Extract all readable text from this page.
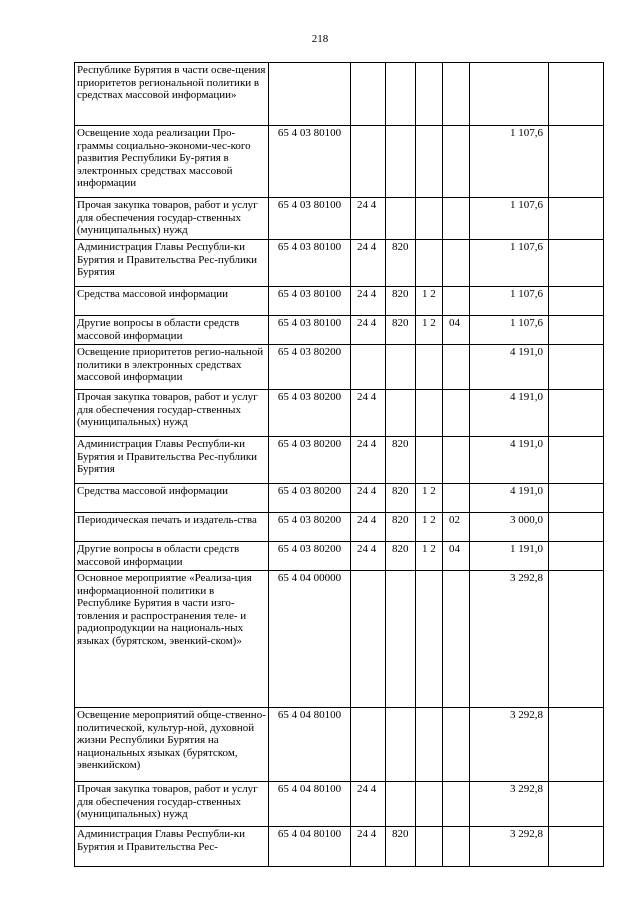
218
Республике Бурятия в части осве-щения приоритетов региональной политики в средствах массовой информации»							
Освещение хода реализации Про-граммы социально-экономи-чес-кого развития Республики Бу-рятия в электронных средствах массовой информации	65 4 03 80100					1 107,6	
Прочая закупка товаров, работ и услуг для обеспечения государ-ственных (муниципальных) нужд	65 4 03 80100	24 4				1 107,6	
Администрация Главы Республи-ки Бурятия и Правительства Рес-публики Бурятия	65 4 03 80100	24 4	820			1 107,6	
Средства массовой информации	65 4 03 80100	24 4	820	1 2		1 107,6	
Другие вопросы в области средств массовой информации	65 4 03 80100	24 4	820	1 2	04	1 107,6	
Освещение приоритетов регио-нальной политики в электронных средствах массовой информации	65 4 03 80200					4 191,0	
Прочая закупка товаров, работ и услуг для обеспечения государ-ственных (муниципальных) нужд	65 4 03 80200	24 4				4 191,0	
Администрация Главы Республи-ки Бурятия и Правительства Рес-публики Бурятия	65 4 03 80200	24 4	820			4 191,0	
Средства массовой информации	65 4 03 80200	24 4	820	1 2		4 191,0	
Периодическая печать и издатель-ства	65 4 03 80200	24 4	820	1 2	02	3 000,0	
Другие вопросы в области средств массовой информации	65 4 03 80200	24 4	820	1 2	04	1 191,0	
Основное мероприятие «Реализа-ция информационной политики в Республике Бурятия в части изго-товления и распространения теле- и радиопродукции на националь-ных языках (бурятском, эвенкий-ском)»	65 4 04 00000					3 292,8	
Освещение мероприятий обще-ственно-политической, культур-ной, духовной жизни Республики Бурятия на национальных языках (бурятском, эвенкийском)	65 4 04 80100					3 292,8	
Прочая закупка товаров, работ и услуг для обеспечения государ-ственных (муниципальных) нужд	65 4 04 80100	24 4				3 292,8	
Администрация Главы Республи-ки Бурятия и Правительства Рес-	65 4 04 80100	24 4	820			3 292,8	
